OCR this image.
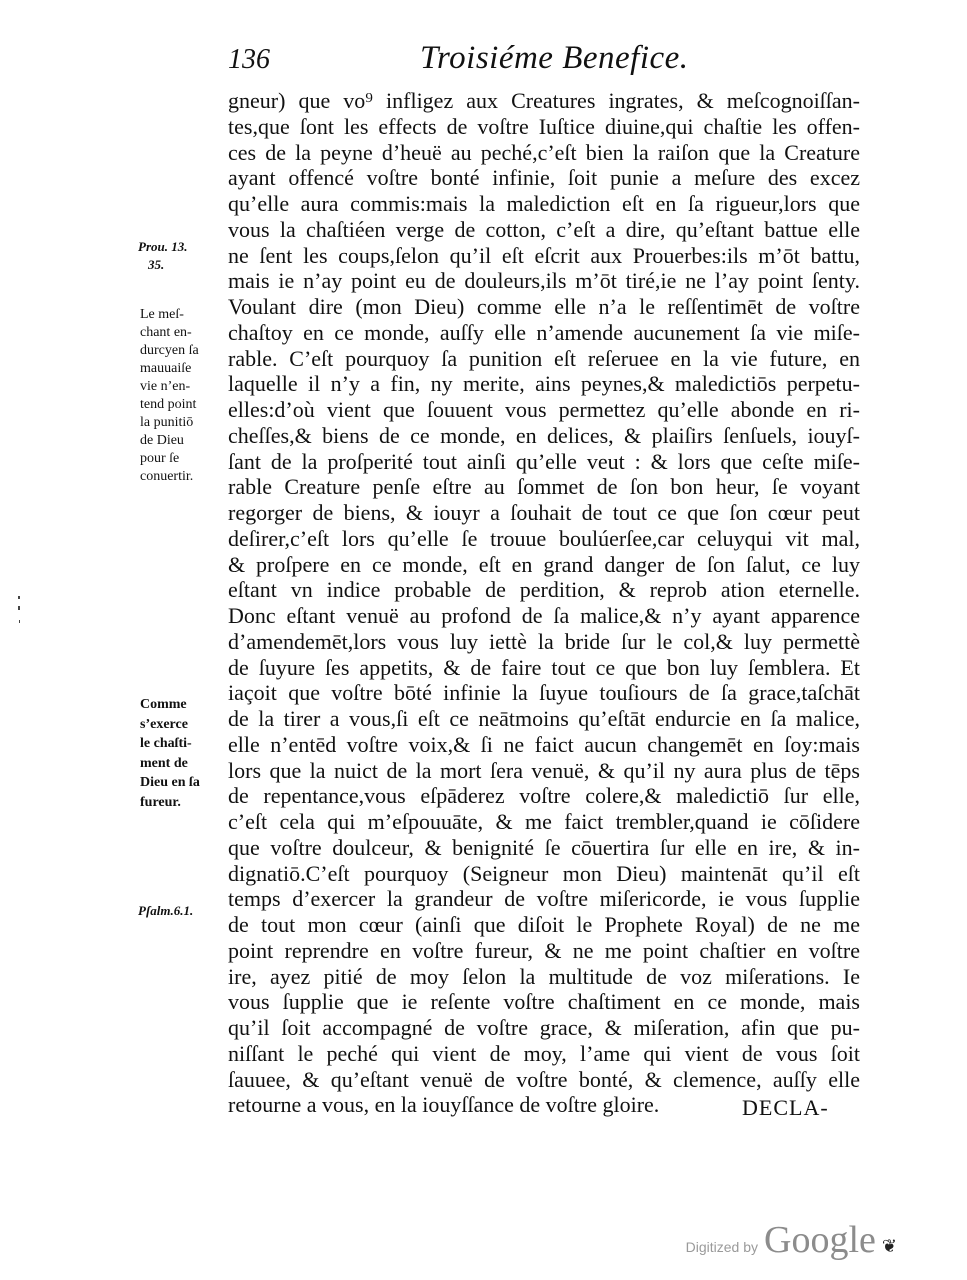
136	Troisiéme Benefice.
gneur) que vo⁹ infligez aux Creatures ingrates, & meſcognoiſſan-
tes,que ſont les effects de voſtre Iuſtice diuine,qui chaſtie les offen-
ces de la peyne d’heuë au peché,c’eſt bien la raiſon que la Creature
ayant offencé voſtre bonté infinie, ſoit punie a meſure des excez
qu’elle aura commis:mais la malediction eſt en ſa rigueur,lors que
vous la chaſtiéen verge de cotton, c’eſt a dire, qu’eſtant battue elle
ne ſent les coups,ſelon qu’il eſt eſcrit aux Prouerbes:ils m’ōt battu,
mais ie n’ay point eu de douleurs,ils m’ōt tiré,ie ne l’ay point ſenty.
Voulant dire (mon Dieu) comme elle n’a le reſſentimēt de voſtre
chaſtoy en ce monde, auſſy elle n’amende aucunement ſa vie miſe-
rable. C’eſt pourquoy ſa punition eſt reſeruee en la vie future, en
laquelle il n’y a fin, ny merite, ains peynes,& maledictiōs perpetu-
elles:d’où vient que ſouuent vous permettez qu’elle abonde en ri-
cheſſes,& biens de ce monde, en delices, & plaiſirs ſenſuels, iouyſ-
ſant de la proſperité tout ainſi qu’elle veut : & lors que ceſte miſe-
rable Creature penſe eſtre au ſommet de ſon bon heur, ſe voyant
regorger de biens, & iouyr a ſouhait de tout ce que ſon cœur peut
deſirer,c’eſt lors qu’elle ſe trouue boulúerſee,car celuyqui vit mal,
& proſpere en ce monde, eſt en grand danger de ſon ſalut, ce luy
eſtant vn indice probable de perdition, & reprob ation eternelle.
Donc eſtant venuë au profond de ſa malice,& n’y ayant apparence
d’amendemēt,lors vous luy iettè la bride ſur le col,& luy permettè
de ſuyure ſes appetits, & de faire tout ce que bon luy ſemblera. Et
iaçoit que voſtre bōté infinie la ſuyue touſiours de ſa grace,taſchāt
de la tirer a vous,ſi eſt ce neātmoins qu’eſtāt endurcie en ſa malice,
elle n’entēd voſtre voix,& ſi ne faict aucun changemēt en ſoy:mais
lors que la nuict de la mort ſera venuë, & qu’il ny aura plus de tēps
de repentance,vous eſpāderez voſtre colere,& maledictiō ſur elle,
c’eſt cela qui m’eſpouuāte, & me faict trembler,quand ie cōſidere
que voſtre doulceur, & benignité ſe cōuertira ſur elle en ire, & in-
dignatiō.C’eſt pourquoy (Seigneur mon Dieu) maintenāt qu’il eſt
temps d’exercer la grandeur de voſtre miſericorde, ie vous ſupplie
de tout mon cœur (ainſi que diſoit le Prophete Royal) de ne me
point reprendre en voſtre fureur, & ne me point chaſtier en voſtre
ire, ayez pitié de moy ſelon la multitude de voz miſerations. Ie
vous ſupplie que ie reſente voſtre chaſtiment en ce monde, mais
qu’il ſoit accompagné de voſtre grace, & miſeration, afin que pu-
niſſant le peché qui vient de moy, l’ame qui vient de vous ſoit
ſauuee, & qu’eſtant venuë de voſtre bonté, & clemence, auſſy elle
retourne a vous, en la iouyſſance de voſtre gloire.	DECLA-
Prou. 13.
35.
Le meſ-
chant en-
durcyen ſa
mauuaiſe
vie n’en-
tend point
la punitiō
de Dieu
pour ſe
conuertir.
Comme
s’exerce
le chaſti-
ment de
Dieu en ſa
fureur.
Pſalm.6.1.
Digitized by Google ❦
